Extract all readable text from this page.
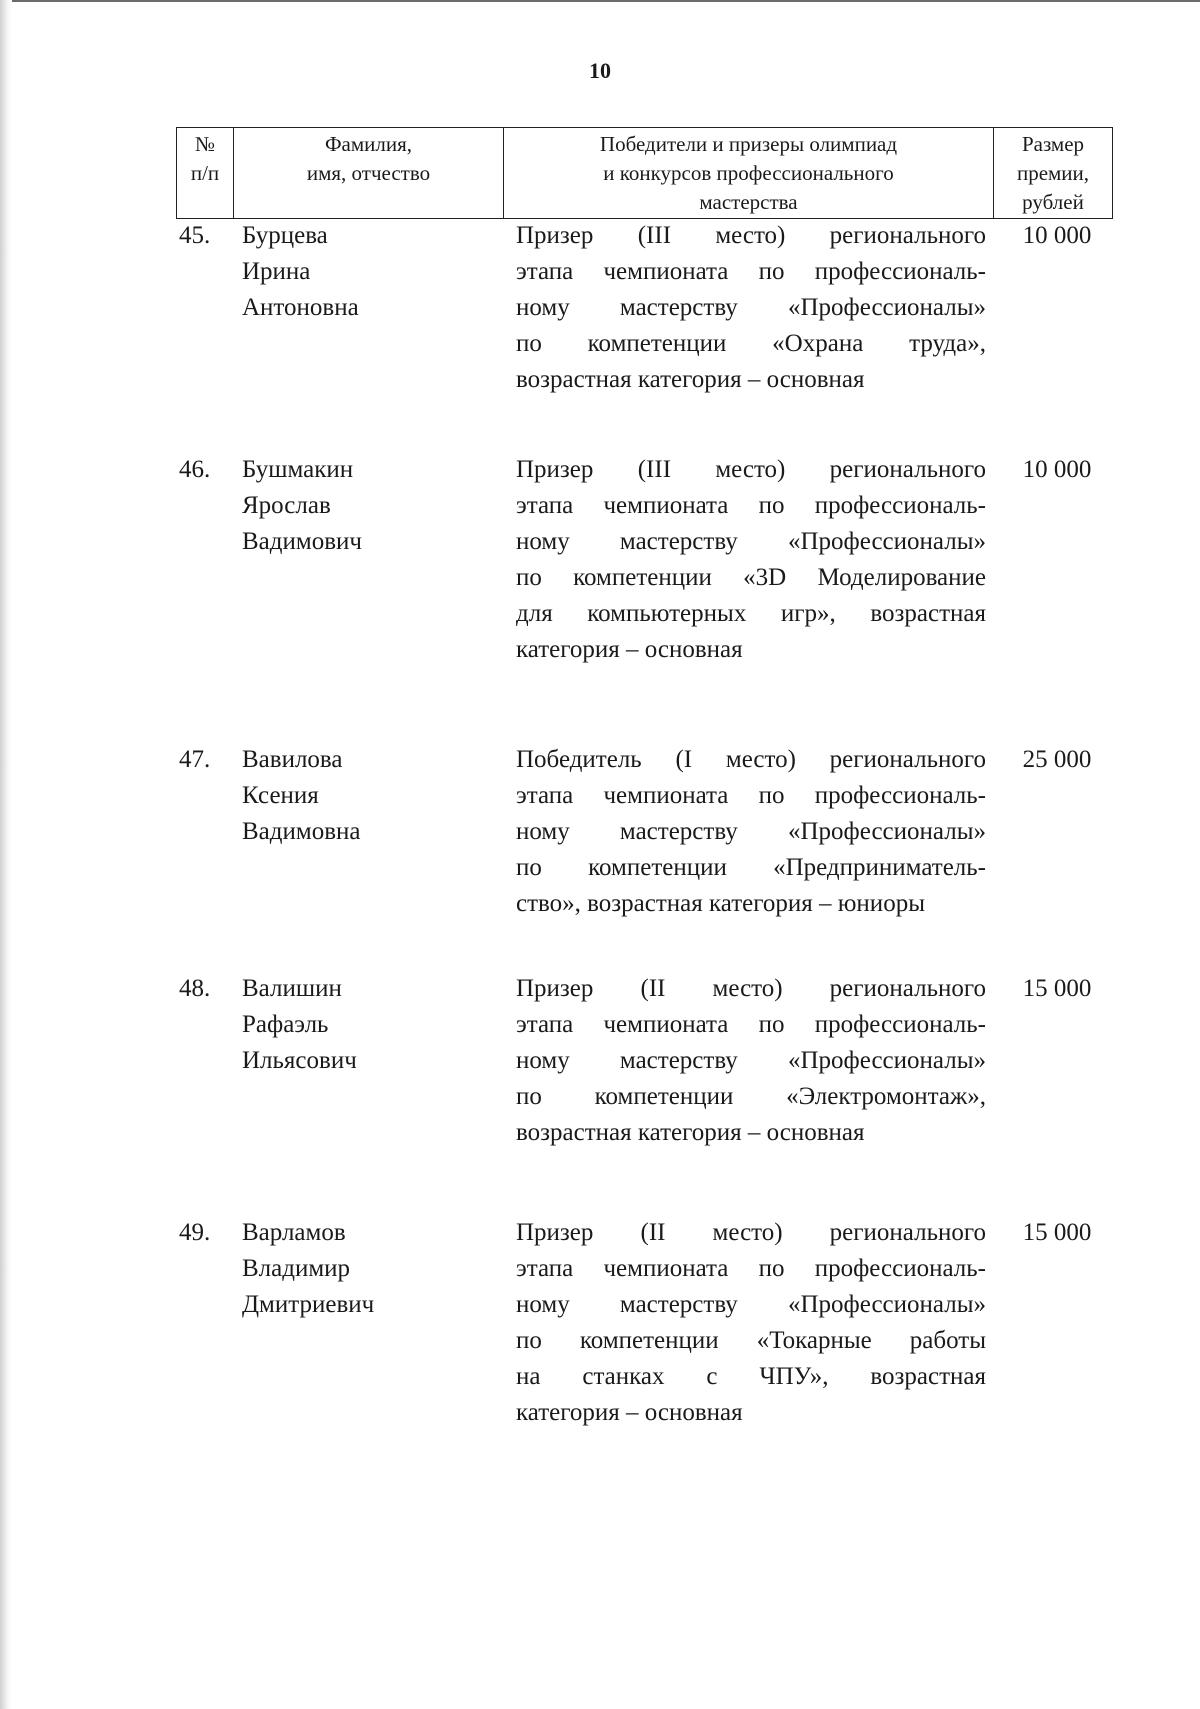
10
№
п/п
Фамилия,
имя, отчество
Победители и призеры олимпиад
и конкурсов профессионального
мастерства
Размер
премии,
рублей
45. Бурцева
Ирина
Антоновна
Призер (III место) регионального
этапа чемпионата по профессиональ-
ному мастерству «Профессионалы»
по компетенции «Охрана труда»,
возрастная категория – основная
10 000
46. Бушмакин
Ярослав
Вадимович
Призер (III место) регионального
этапа чемпионата по профессиональ-
ному мастерству «Профессионалы»
по компетенции «3D Моделирование
для компьютерных игр», возрастная
категория – основная
10 000
47. Вавилова
Ксения
Вадимовна
Победитель (I место) регионального
этапа чемпионата по профессиональ-
ному мастерству «Профессионалы»
по компетенции «Предприниматель-
ство», возрастная категория – юниоры
25 000
48. Валишин
Рафаэль
Ильясович
Призер (II место) регионального
этапа чемпионата по профессиональ-
ному мастерству «Профессионалы»
по компетенции «Электромонтаж»,
возрастная категория – основная
15 000
49. Варламов
Владимир
Дмитриевич
Призер (II место) регионального
этапа чемпионата по профессиональ-
ному мастерству «Профессионалы»
по компетенции «Токарные работы
на станках с ЧПУ», возрастная
категория – основная
15 000
